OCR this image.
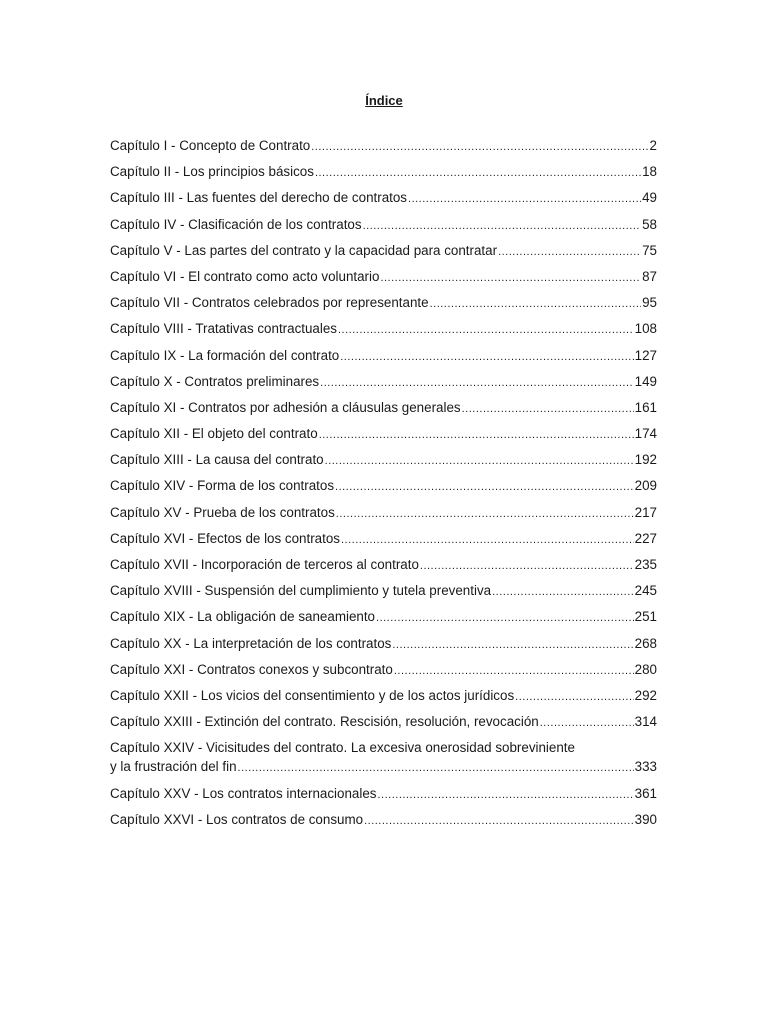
Índice
Capítulo I - Concepto de Contrato .....	2
Capítulo II - Los principios básicos .....	18
Capítulo III - Las fuentes del derecho de contratos .....	49
Capítulo IV - Clasificación de los contratos .....	58
Capítulo V - Las partes del contrato y la capacidad para contratar .....	75
Capítulo VI - El contrato como acto voluntario .....	87
Capítulo VII - Contratos celebrados por representante .....	95
Capítulo VIII - Tratativas contractuales .....	108
Capítulo IX - La formación del contrato .....	127
Capítulo X - Contratos preliminares .....	149
Capítulo XI - Contratos por adhesión a cláusulas generales .....	161
Capítulo XII - El objeto del contrato .....	174
Capítulo XIII - La causa del contrato .....	192
Capítulo XIV - Forma de los contratos .....	209
Capítulo XV - Prueba de los contratos .....	217
Capítulo XVI - Efectos de los contratos .....	227
Capítulo XVII - Incorporación de terceros al contrato .....	235
Capítulo XVIII - Suspensión del cumplimiento y tutela preventiva .....	245
Capítulo XIX - La obligación de saneamiento .....	251
Capítulo XX - La interpretación de los contratos .....	268
Capítulo XXI - Contratos conexos y subcontrato .....	280
Capítulo XXII - Los vicios del consentimiento y de los actos jurídicos .....	292
Capítulo XXIII - Extinción del contrato. Rescisión, resolución, revocación .....	314
Capítulo XXIV - Vicisitudes del contrato. La excesiva onerosidad sobreviniente
y la frustración del fin .....	333
Capítulo XXV - Los contratos internacionales .....	361
Capítulo XXVI - Los contratos de consumo .....	390
